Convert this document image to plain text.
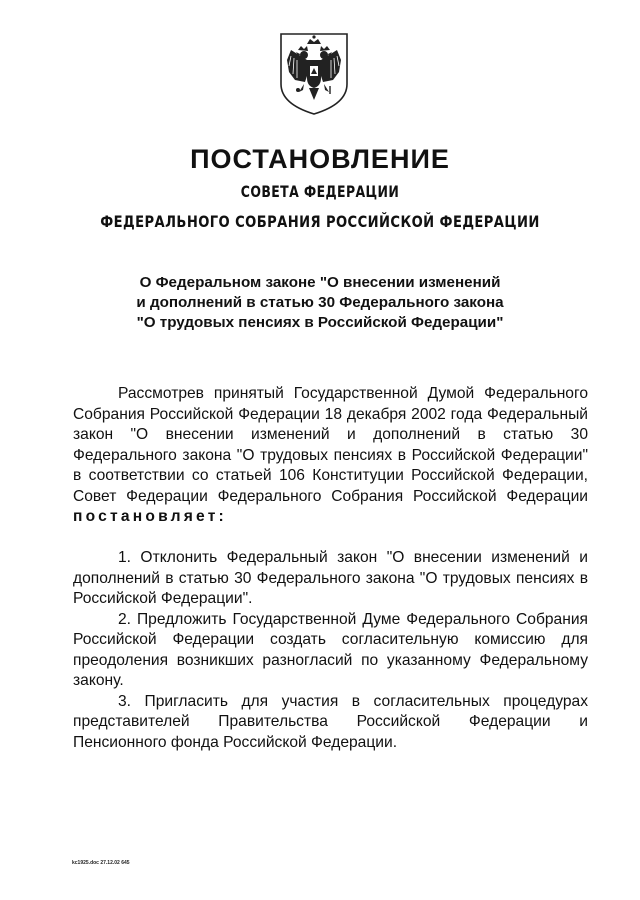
ПОСТАНОВЛЕНИЕ
СОВЕТА ФЕДЕРАЦИИ
ФЕДЕРАЛЬНОГО СОБРАНИЯ РОССИЙСКОЙ ФЕДЕРАЦИИ
О Федеральном законе "О внесении изменений
и дополнений в статью 30 Федерального закона
"О трудовых пенсиях в Российской Федерации"

Рассмотрев принятый Государственной Думой Федерального Собрания Российской Федерации 18 декабря 2002 года Федеральный закон "О внесении изменений и дополнений в статью 30 Федерального закона "О трудовых пенсиях в Российской Федерации" в соответствии со статьей 106 Конституции Российской Федерации, Совет Федерации Федерального Собрания Российской Федерации постановляет:

1. Отклонить Федеральный закон "О внесении изменений и дополнений в статью 30 Федерального закона "О трудовых пенсиях в Российской Федерации".

2. Предложить Государственной Думе Федерального Собрания Российской Федерации создать согласительную комиссию для преодоления возникших разногласий по указанному Федеральному закону.

3. Пригласить для участия в согласительных процедурах представителей Правительства Российской Федерации и Пенсионного фонда Российской Федерации.

kc1925.doc 27.12.02 645
